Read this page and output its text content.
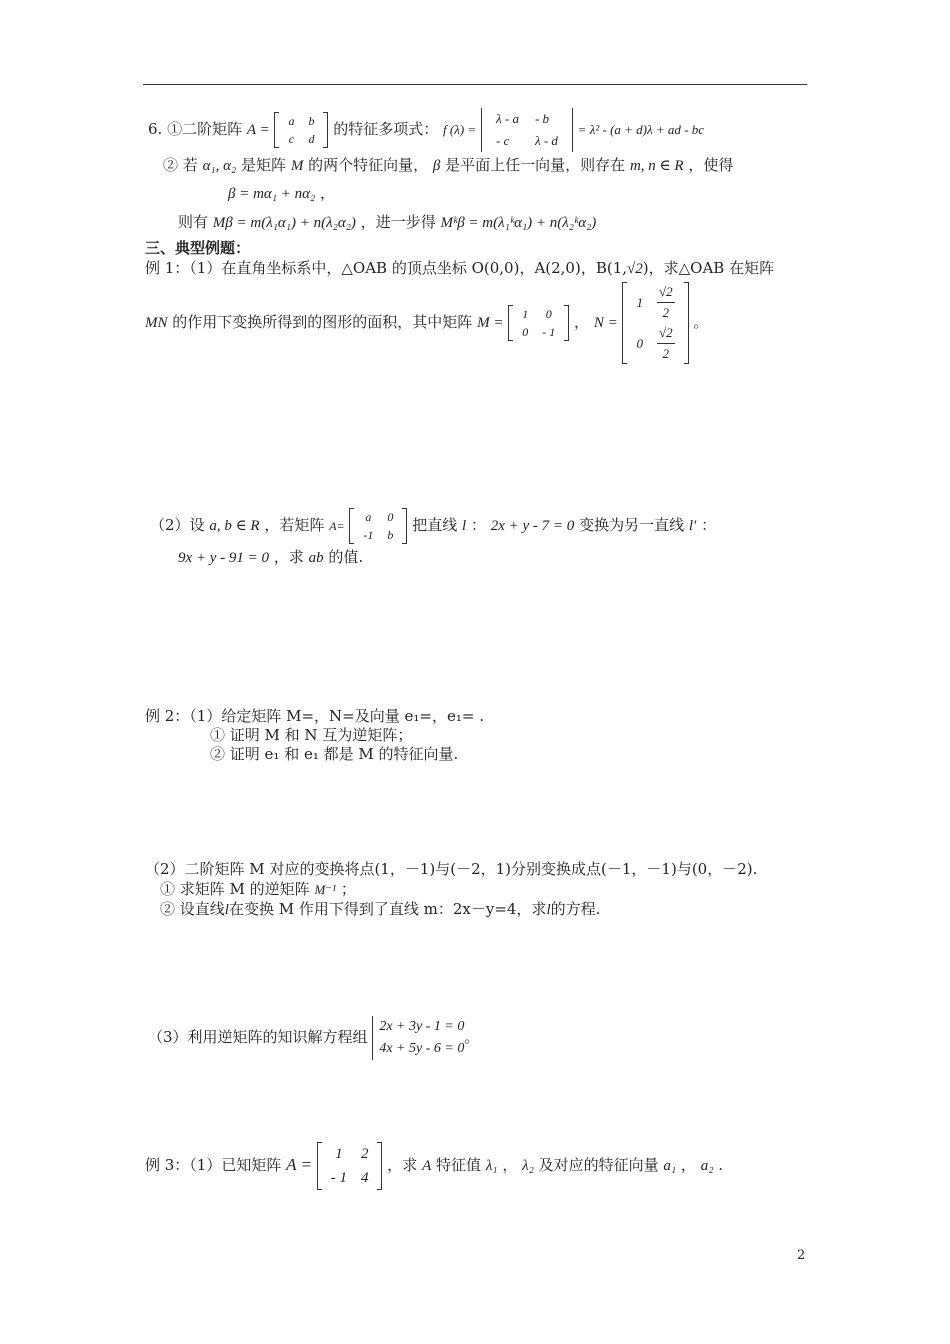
6. ①二阶矩阵 A =
a	b
c	d
的特征多项式： f (λ) =
λ - a	- b
- c	λ - d
= λ² - (a + d)λ + ad - bc
② 若 α₁, α₂ 是矩阵 M 的两个特征向量， β 是平面上任一向量，则存在 m, n ∈ R ，使得
β = mα₁ + nα₂ ，
则有 Mβ = m(λ₁α₁) + n(λ₂α₂) ，进一步得 Mᵏβ = m(λ₁ᵏα₁) + n(λ₂ᵏα₂)
三、典型例题：
例 1：（1）在直角坐标系中，△OAB 的顶点坐标 O(0,0)，A(2,0)，B(1,√2)，求△OAB 在矩阵
MN 的作用下变换所得到的图形的面积，其中矩阵 M =
1	0
0	- 1
， N =
1	$\frac{√2}{2}$

0	$\frac{√2}{2}$
。
（2）设 a, b ∈ R ，若矩阵 A=
a	0
-1	b
把直线 l ： 2x + y - 7 = 0 变换为另一直线 l′ ：
9x + y - 91 = 0 ，求 ab 的值.
例 2：（1）给定矩阵 M=，N=及向量 e₁=，e₁= .
① 证明 M 和 N 互为逆矩阵；
② 证明 e₁ 和 e₁ 都是 M 的特征向量.
（2）二阶矩阵 M 对应的变换将点(1，－1)与(－2，1)分别变换成点(－1，－1)与(0，－2).
① 求矩阵 M 的逆矩阵 M⁻¹ ；
② 设直线l在变换 M 作用下得到了直线 m：2x－y=4，求l的方程.
（3）利用逆矩阵的知识解方程组
2x + 3y - 1 = 0
4x + 5y - 6 = 0
。
例 3：（1）已知矩阵 A =
1	2
- 1	4
，求 A 特征值 λ₁ ， λ₂ 及对应的特征向量 a₁ ， a₂ .
2
